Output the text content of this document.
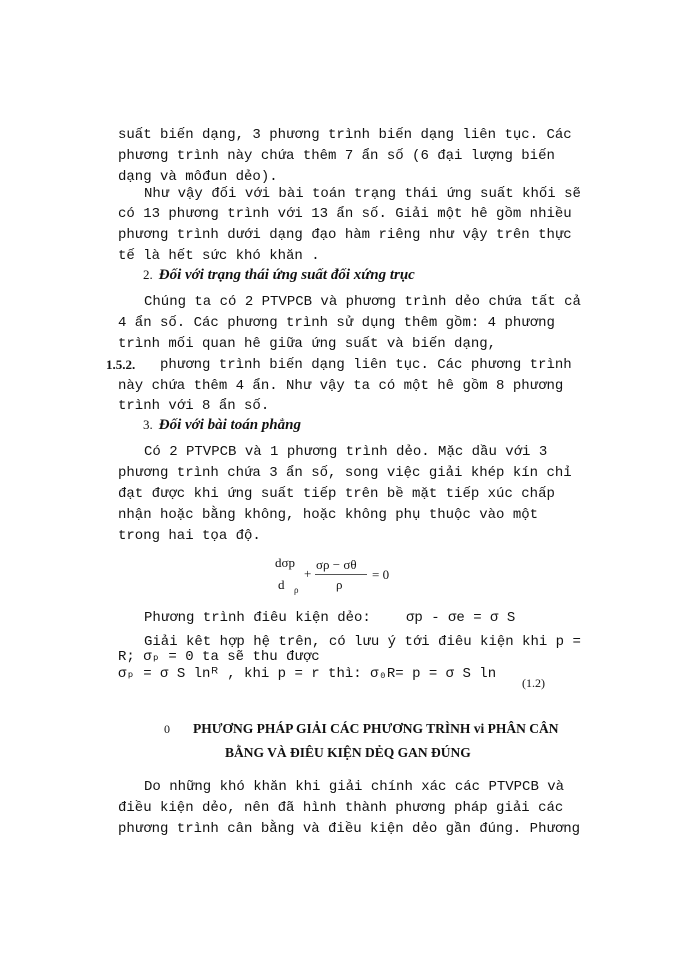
suất biến dạng, 3 phương trình biến dạng liên tục. Các
phương trình này chứa thêm 7 ẩn số (6 đại lượng biến
dạng và môđun dẻo).
Như vậy đối với bài toán trạng thái ứng suất khối sẽ
có 13 phương trình với 13 ẩn số. Giải một hê gồm nhiều
phương trình dưới dạng đạo hàm riêng như vậy trên thực
tế là hết sức khó khăn .
2. Đối với trạng thái ứng suất đối xứng trục
Chúng ta có 2 PTVPCB và phương trình dẻo chứa tất cả
4 ẩn số. Các phương trình sử dụng thêm gồm: 4 phương
trình mối quan hê giữa ứng suất và biến dạng,
1.5.2.	phương trình biến dạng liên tục. Các phương trình
này chứa thêm 4 ẩn. Như vậy ta có một hê gồm 8 phương
trình với 8 ẩn số.
3. Đối với bài toán phẳng
Có 2 PTVPCB và 1 phương trình dẻo. Mặc dầu với 3
phương trình chứa 3 ẩn số, song việc giải khép kín chỉ
đạt được khi ứng suất tiếp trên bề mặt tiếp xúc chấp
nhận hoặc bằng không, hoặc không phụ thuộc vào một
trong hai tọa độ.
dσp
d ρ
+
σρ − σθ
ρ
= 0
Phương trình điêu kiện dẻo:	σp - σe = σ S
Giải kêt hợp hệ trên, có lưu ý tới điêu kiện khi p =
R; σₚ = 0 ta sẽ thu được
σₚ = σ S lnᴿ , khi p = r thì: σ₀R= p = σ S ln
(1.2)
0 PHƯƠNG PHÁP GIẢI CÁC PHƯƠNG TRÌNH vi PHÂN CÂN
BẰNG VÀ ĐIÊU KIỆN DẺQ GAN ĐÚNG
Do những khó khăn khi giải chính xác các PTVPCB và
điều kiện dẻo, nên đã hình thành phương pháp giải các
phương trình cân bằng và điều kiện dẻo gần đúng. Phương
